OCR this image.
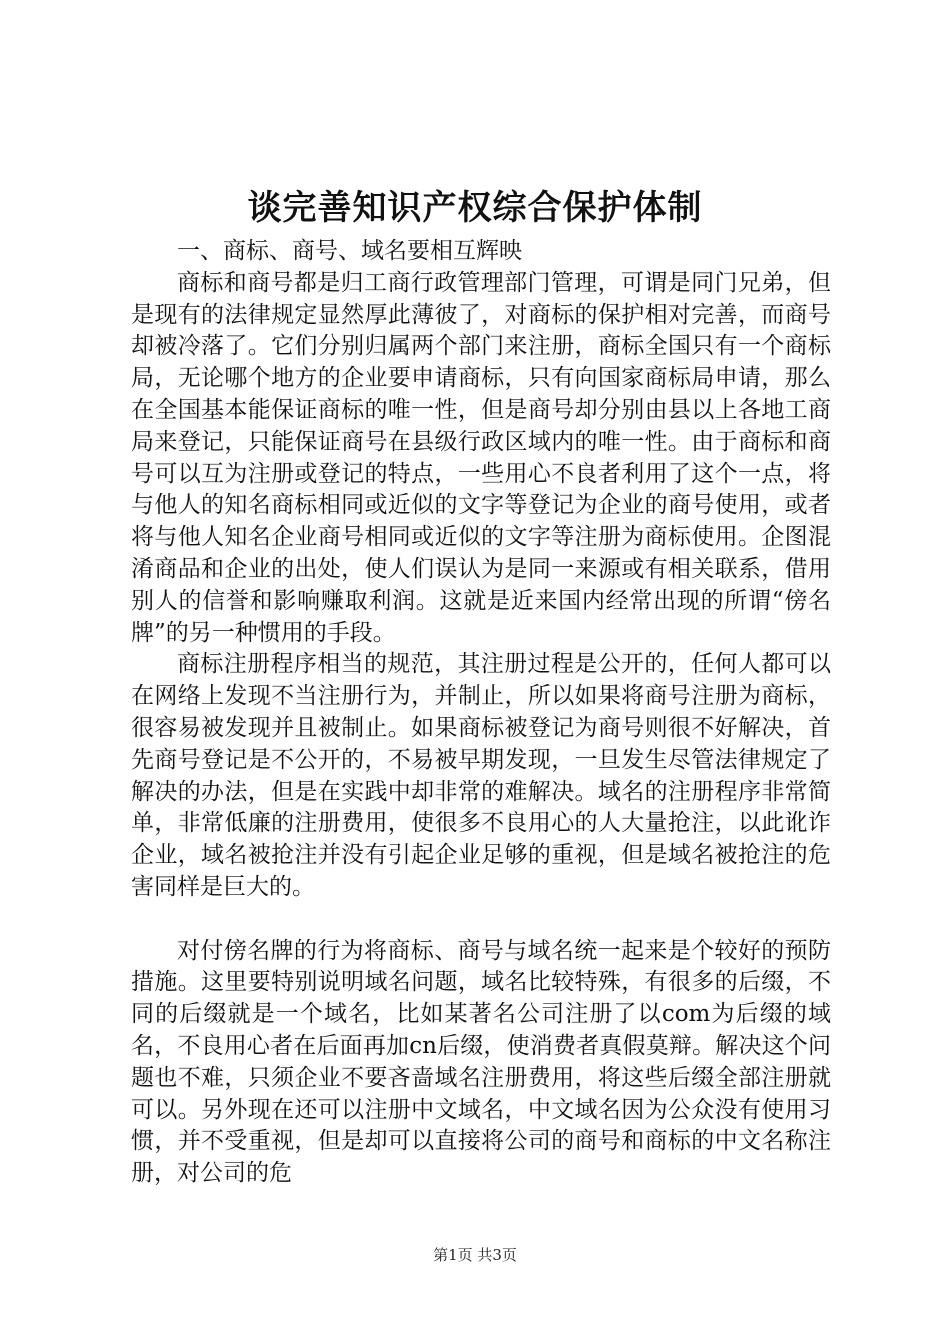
谈完善知识产权综合保护体制

一、商标、商号、域名要相互辉映

商标和商号都是归工商行政管理部门管理，可谓是同门兄弟，但是现有的法律规定显然厚此薄彼了，对商标的保护相对完善，而商号却被冷落了。它们分别归属两个部门来注册，商标全国只有一个商标局，无论哪个地方的企业要申请商标，只有向国家商标局申请，那么在全国基本能保证商标的唯一性，但是商号却分别由县以上各地工商局来登记，只能保证商号在县级行政区域内的唯一性。由于商标和商号可以互为注册或登记的特点，一些用心不良者利用了这个一点，将与他人的知名商标相同或近似的文字等登记为企业的商号使用，或者将与他人知名企业商号相同或近似的文字等注册为商标使用。企图混淆商品和企业的出处，使人们误认为是同一来源或有相关联系，借用别人的信誉和影响赚取利润。这就是近来国内经常出现的所谓“傍名牌”的另一种惯用的手段。

商标注册程序相当的规范，其注册过程是公开的，任何人都可以在网络上发现不当注册行为，并制止，所以如果将商号注册为商标，很容易被发现并且被制止。如果商标被登记为商号则很不好解决，首先商号登记是不公开的，不易被早期发现，一旦发生尽管法律规定了解决的办法，但是在实践中却非常的难解决。域名的注册程序非常简单，非常低廉的注册费用，使很多不良用心的人大量抢注，以此讹诈企业，域名被抢注并没有引起企业足够的重视，但是域名被抢注的危害同样是巨大的。

对付傍名牌的行为将商标、商号与域名统一起来是个较好的预防措施。这里要特别说明域名问题，域名比较特殊，有很多的后缀，不同的后缀就是一个域名，比如某著名公司注册了以com为后缀的域名，不良用心者在后面再加cn后缀，使消费者真假莫辩。解决这个问题也不难，只须企业不要吝啬域名注册费用，将这些后缀全部注册就可以。另外现在还可以注册中文域名，中文域名因为公众没有使用习惯，并不受重视，但是却可以直接将公司的商号和商标的中文名称注册，对公司的危

第1页 共3页
